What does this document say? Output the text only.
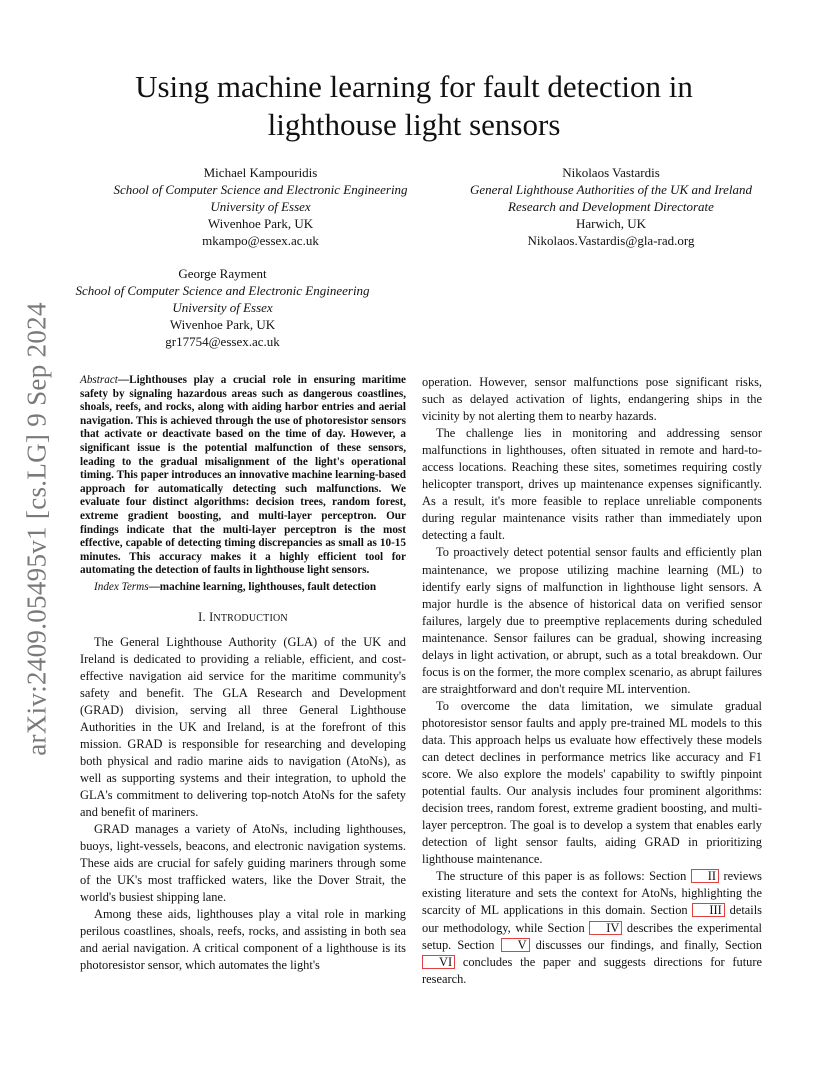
arXiv:2409.05495v1 [cs.LG] 9 Sep 2024
Using machine learning for fault detection in lighthouse light sensors
Michael Kampouridis
School of Computer Science and Electronic Engineering
University of Essex
Wivenhoe Park, UK
mkampo@essex.ac.uk
Nikolaos Vastardis
General Lighthouse Authorities of the UK and Ireland
Research and Development Directorate
Harwich, UK
Nikolaos.Vastardis@gla-rad.org
George Rayment
School of Computer Science and Electronic Engineering
University of Essex
Wivenhoe Park, UK
gr17754@essex.ac.uk
Abstract—Lighthouses play a crucial role in ensuring maritime safety by signaling hazardous areas such as dangerous coastlines, shoals, reefs, and rocks, along with aiding harbor entries and aerial navigation. This is achieved through the use of photoresistor sensors that activate or deactivate based on the time of day. However, a significant issue is the potential malfunction of these sensors, leading to the gradual misalignment of the light's operational timing. This paper introduces an innovative machine learning-based approach for automatically detecting such malfunctions. We evaluate four distinct algorithms: decision trees, random forest, extreme gradient boosting, and multi-layer perceptron. Our findings indicate that the multi-layer perceptron is the most effective, capable of detecting timing discrepancies as small as 10-15 minutes. This accuracy makes it a highly efficient tool for automating the detection of faults in lighthouse light sensors.
Index Terms—machine learning, lighthouses, fault detection
I. INTRODUCTION

The General Lighthouse Authority (GLA) of the UK and Ireland is dedicated to providing a reliable, efficient, and cost-effective navigation aid service for the maritime community's safety and benefit. The GLA Research and Development (GRAD) division, serving all three General Lighthouse Authorities in the UK and Ireland, is at the forefront of this mission. GRAD is responsible for researching and developing both physical and radio marine aids to navigation (AtoNs), as well as supporting systems and their integration, to uphold the GLA's commitment to delivering top-notch AtoNs for the safety and benefit of mariners.

GRAD manages a variety of AtoNs, including lighthouses, buoys, light-vessels, beacons, and electronic navigation systems. These aids are crucial for safely guiding mariners through some of the UK's most trafficked waters, like the Dover Strait, the world's busiest shipping lane.

Among these aids, lighthouses play a vital role in marking perilous coastlines, shoals, reefs, rocks, and assisting in both sea and aerial navigation. A critical component of a lighthouse is its photoresistor sensor, which automates the light's

operation. However, sensor malfunctions pose significant risks, such as delayed activation of lights, endangering ships in the vicinity by not alerting them to nearby hazards.

The challenge lies in monitoring and addressing sensor malfunctions in lighthouses, often situated in remote and hard-to-access locations. Reaching these sites, sometimes requiring costly helicopter transport, drives up maintenance expenses significantly. As a result, it's more feasible to replace unreliable components during regular maintenance visits rather than immediately upon detecting a fault.

To proactively detect potential sensor faults and efficiently plan maintenance, we propose utilizing machine learning (ML) to identify early signs of malfunction in lighthouse light sensors. A major hurdle is the absence of historical data on verified sensor failures, largely due to preemptive replacements during scheduled maintenance. Sensor failures can be gradual, showing increasing delays in light activation, or abrupt, such as a total breakdown. Our focus is on the former, the more complex scenario, as abrupt failures are straightforward and don't require ML intervention.

To overcome the data limitation, we simulate gradual photoresistor sensor faults and apply pre-trained ML models to this data. This approach helps us evaluate how effectively these models can detect declines in performance metrics like accuracy and F1 score. We also explore the models' capability to swiftly pinpoint potential faults. Our analysis includes four prominent algorithms: decision trees, random forest, extreme gradient boosting, and multi-layer perceptron. The goal is to develop a system that enables early detection of light sensor faults, aiding GRAD in prioritizing lighthouse maintenance.

The structure of this paper is as follows: Section II reviews existing literature and sets the context for AtoNs, highlighting the scarcity of ML applications in this domain. Section III details our methodology, while Section IV describes the experimental setup. Section V discusses our findings, and finally, Section VI concludes the paper and suggests directions for future research.
